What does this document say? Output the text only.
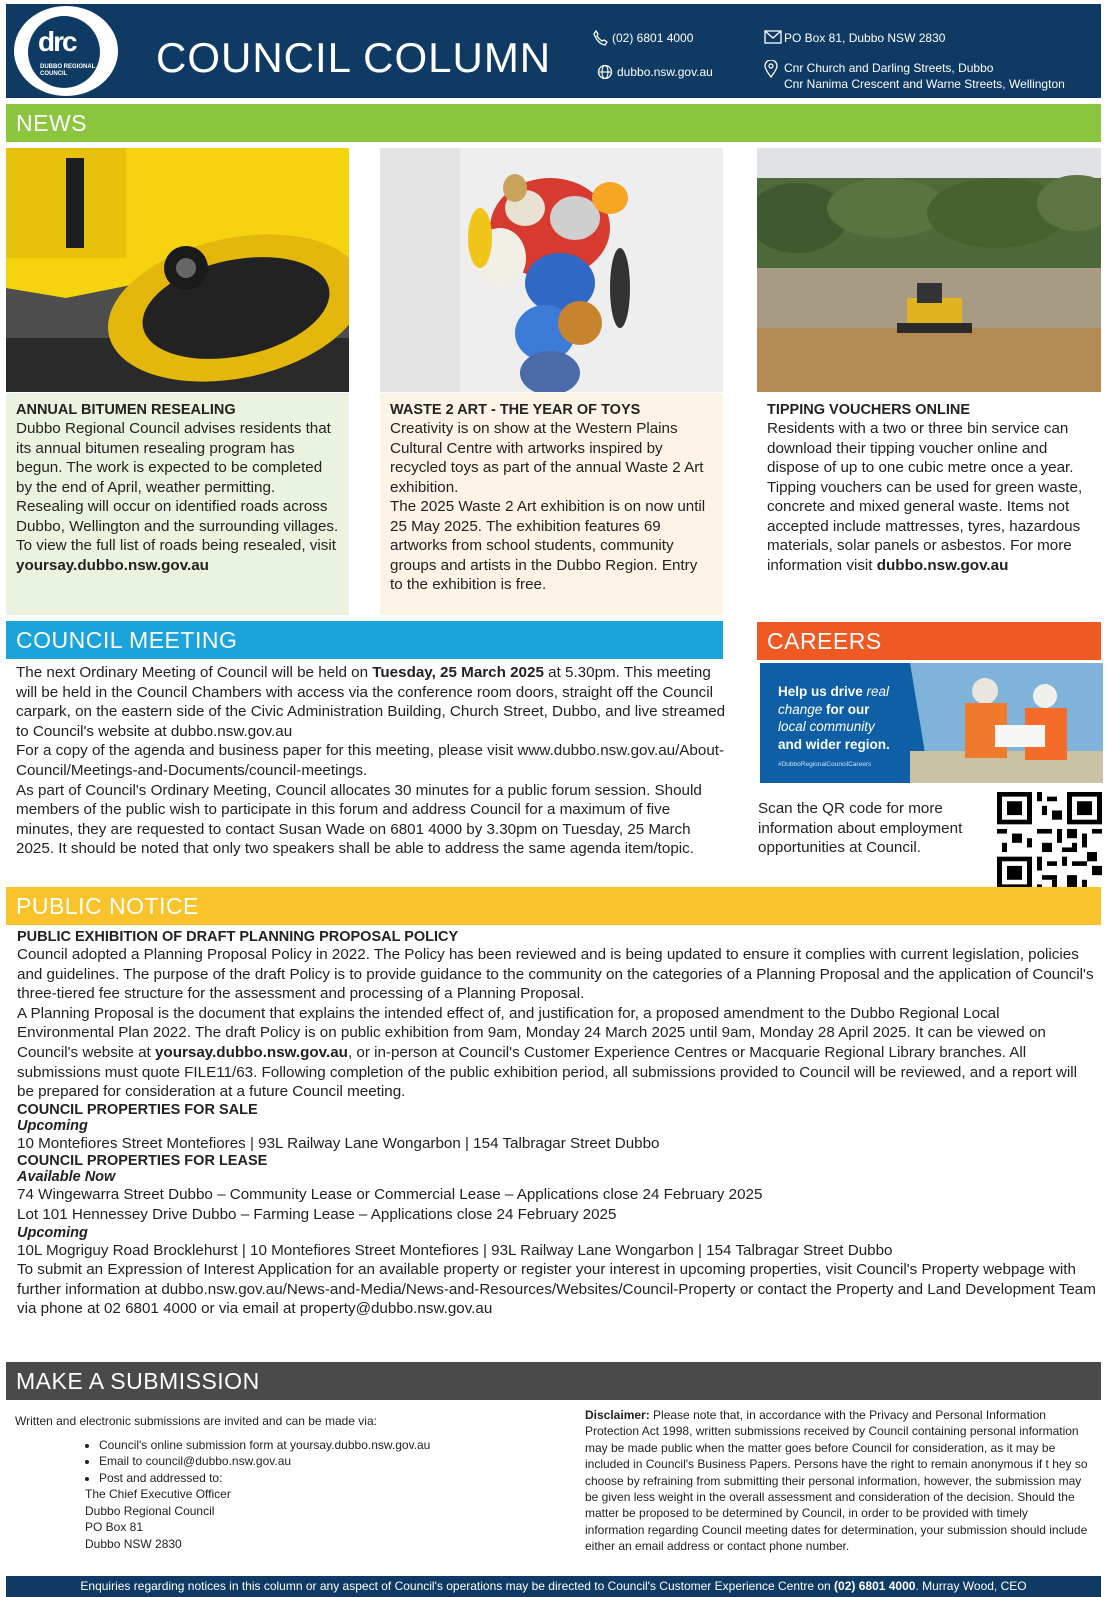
drc
DUBBO REGIONAL COUNCIL	COUNCIL COLUMN	(02) 6801 4000
dubbo.nsw.gov.au
PO Box 81, Dubbo NSW 2830
Cnr Church and Darling Streets, Dubbo
Cnr Nanima Crescent and Warne Streets, Wellington
NEWS
ANNUAL BITUMEN RESEALING

Dubbo Regional Council advises residents that its annual bitumen resealing program has begun. The work is expected to be completed by the end of April, weather permitting.

Resealing will occur on identified roads across Dubbo, Wellington and the surrounding villages. To view the full list of roads being resealed, visit yoursay.dubbo.nsw.gov.au

WASTE 2 ART - THE YEAR OF TOYS

Creativity is on show at the Western Plains Cultural Centre with artworks inspired by recycled toys as part of the annual Waste 2 Art exhibition.

The 2025 Waste 2 Art exhibition is on now until 25 May 2025. The exhibition features 69 artworks from school students, community groups and artists in the Dubbo Region. Entry to the exhibition is free.

TIPPING VOUCHERS ONLINE

Residents with a two or three bin service can download their tipping voucher online and dispose of up to one cubic metre once a year. Tipping vouchers can be used for green waste, concrete and mixed general waste. Items not accepted include mattresses, tyres, hazardous materials, solar panels or asbestos. For more information visit dubbo.nsw.gov.au

COUNCIL MEETING

The next Ordinary Meeting of Council will be held on Tuesday, 25 March 2025 at 5.30pm. This meeting will be held in the Council Chambers with access via the conference room doors, straight off the Council carpark, on the eastern side of the Civic Administration Building, Church Street, Dubbo, and live streamed to Council's website at dubbo.nsw.gov.au

For a copy of the agenda and business paper for this meeting, please visit www.dubbo.nsw.gov.au/About-Council/Meetings-and-Documents/council-meetings.

As part of Council's Ordinary Meeting, Council allocates 30 minutes for a public forum session. Should members of the public wish to participate in this forum and address Council for a maximum of five minutes, they are requested to contact Susan Wade on 6801 4000 by 3.30pm on Tuesday, 25 March 2025. It should be noted that only two speakers shall be able to address the same agenda item/topic.

CAREERS
Help us drive real
change for our
local community
and wider region.
#DubboRegionalCouncilCareers
Scan the QR code for more information about employment opportunities at Council.
PUBLIC NOTICE

PUBLIC EXHIBITION OF DRAFT PLANNING PROPOSAL POLICY

Council adopted a Planning Proposal Policy in 2022. The Policy has been reviewed and is being updated to ensure it complies with current legislation, policies and guidelines. The purpose of the draft Policy is to provide guidance to the community on the categories of a Planning Proposal and the application of Council's three-tiered fee structure for the assessment and processing of a Planning Proposal.

A Planning Proposal is the document that explains the intended effect of, and justification for, a proposed amendment to the Dubbo Regional Local Environmental Plan 2022. The draft Policy is on public exhibition from 9am, Monday 24 March 2025 until 9am, Monday 28 April 2025. It can be viewed on Council's website at yoursay.dubbo.nsw.gov.au, or in-person at Council's Customer Experience Centres or Macquarie Regional Library branches. All submissions must quote FILE11/63. Following completion of the public exhibition period, all submissions provided to Council will be reviewed, and a report will be prepared for consideration at a future Council meeting.

COUNCIL PROPERTIES FOR SALE

Upcoming

10 Montefiores Street Montefiores | 93L Railway Lane Wongarbon | 154 Talbragar Street Dubbo

COUNCIL PROPERTIES FOR LEASE

Available Now

74 Wingewarra Street Dubbo – Community Lease or Commercial Lease – Applications close 24 February 2025

Lot 101 Hennessey Drive Dubbo – Farming Lease – Applications close 24 February 2025

Upcoming

10L Mogriguy Road Brocklehurst | 10 Montefiores Street Montefiores | 93L Railway Lane Wongarbon | 154 Talbragar Street Dubbo

To submit an Expression of Interest Application for an available property or register your interest in upcoming properties, visit Council's Property webpage with further information at dubbo.nsw.gov.au/News-and-Media/News-and-Resources/Websites/Council-Property or contact the Property and Land Development Team via phone at 02 6801 4000 or via email at property@dubbo.nsw.gov.au

MAKE A SUBMISSION
Written and electronic submissions are invited and can be made via:
• Council's online submission form at yoursay.dubbo.nsw.gov.au
• Email to council@dubbo.nsw.gov.au
• Post and addressed to:
The Chief Executive Officer
Dubbo Regional Council
PO Box 81
Dubbo NSW 2830
Disclaimer: Please note that, in accordance with the Privacy and Personal Information Protection Act 1998, written submissions received by Council containing personal information may be made public when the matter goes before Council for consideration, as it may be included in Council's Business Papers. Persons have the right to remain anonymous if t hey so choose by refraining from submitting their personal information, however, the submission may be given less weight in the overall assessment and consideration of the decision. Should the matter be proposed to be determined by Council, in order to be provided with timely information regarding Council meeting dates for determination, your submission should include either an email address or contact phone number.
Enquiries regarding notices in this column or any aspect of Council's operations may be directed to Council's Customer Experience Centre on (02) 6801 4000. Murray Wood, CEO
